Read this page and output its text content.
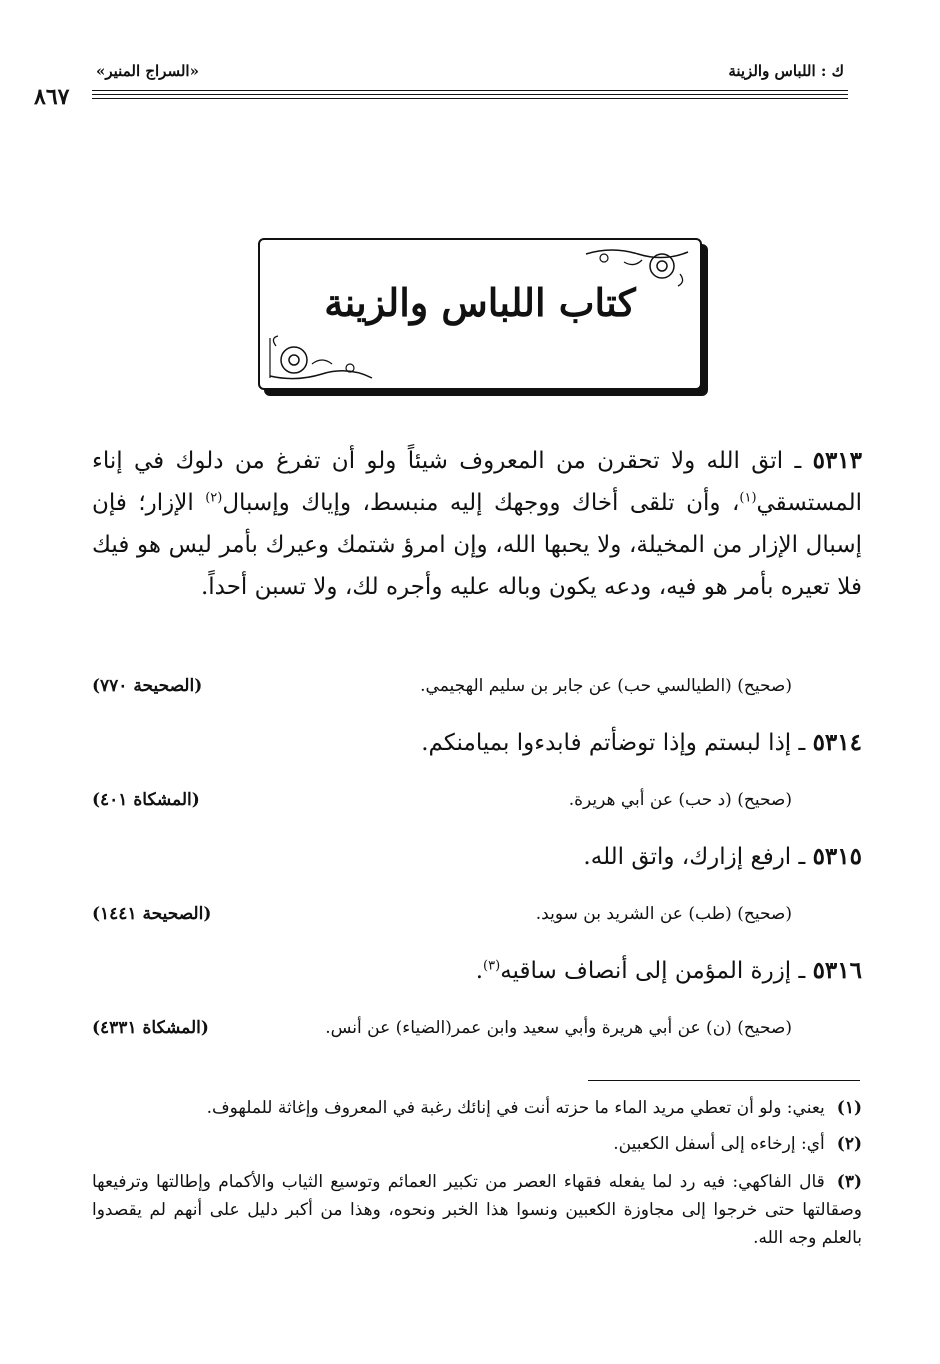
ك : اللباس والزينة
«السراج المنير»
٨٦٧
كتاب اللباس والزينة
٥٣١٣ ـ اتق الله ولا تحقرن من المعروف شيئاً ولو أن تفرغ من دلوك في إناء المستسقي$^{(١)}$، وأن تلقى أخاك ووجهك إليه منبسط، وإياك وإسبال$^{(٢)}$ الإزار؛ فإن إسبال الإزار من المخيلة، ولا يحبها الله، وإن امرؤ شتمك وعيرك بأمر ليس هو فيك فلا تعيره بأمر هو فيه، ودعه يكون وباله عليه وأجره لك، ولا تسبن أحداً.
(صحيح) (الطيالسي حب) عن جابر بن سليم الهجيمي.
(الصحيحة ٧٧٠)
٥٣١٤ ـ إذا لبستم وإذا توضأتم فابدءوا بميامنكم.
(صحيح) (د حب) عن أبي هريرة.
(المشكاة ٤٠١)
٥٣١٥ ـ ارفع إزارك، واتق الله.
(صحيح) (طب) عن الشريد بن سويد.
(الصحيحة ١٤٤١)
٥٣١٦ ـ إزرة المؤمن إلى أنصاف ساقيه$^{(٣)}$.
(صحيح) (ن) عن أبي هريرة وأبي سعيد وابن عمر(الضياء) عن أنس.
(المشكاة ٤٣٣١)
(١)يعني: ولو أن تعطي مريد الماء ما حزته أنت في إنائك رغبة في المعروف وإغاثة للملهوف.
(٢)أي: إرخاءه إلى أسفل الكعبين.
(٣)قال الفاكهي: فيه رد لما يفعله فقهاء العصر من تكبير العمائم وتوسيع الثياب والأكمام وإطالتها وترفيعها وصقالتها حتى خرجوا إلى مجاوزة الكعبين ونسوا هذا الخبر ونحوه، وهذا من أكبر دليل على أنهم لم يقصدوا بالعلم وجه الله.
